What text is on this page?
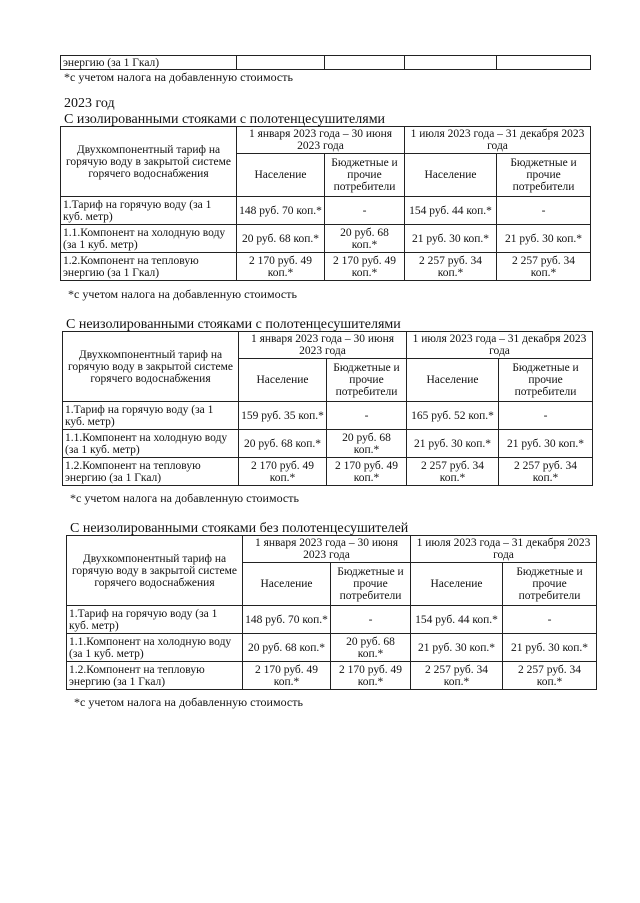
энергию (за 1 Гкал)				
*с учетом налога на добавленную стоимость
2023 год
С изолированными стояками с полотенцесушителями
Двухкомпонентный тариф на горячую воду в закрытой системе горячего водоснабжения	1 января 2023 года – 30 июня 2023 года		1 июля 2023 года – 31 декабря 2023 года	
	Население	Бюджетные и прочие потребители	Население	Бюджетные и прочие потребители
1.Тариф на горячую воду (за 1 куб. метр)	148 руб. 70 коп.*	-	154 руб. 44 коп.*	-
1.1.Компонент на холодную воду (за 1 куб. метр)	20 руб. 68 коп.*	20 руб. 68 коп.*	21 руб. 30 коп.*	21 руб. 30 коп.*
1.2.Компонент на тепловую энергию (за 1 Гкал)	2 170 руб. 49 коп.*	2 170 руб. 49 коп.*	2 257 руб. 34 коп.*	2 257 руб. 34 коп.*
*с учетом налога на добавленную стоимость
С неизолированными стояками с полотенцесушителями
Двухкомпонентный тариф на горячую воду в закрытой системе горячего водоснабжения	1 января 2023 года – 30 июня 2023 года		1 июля 2023 года – 31 декабря 2023 года	
	Население	Бюджетные и прочие потребители	Население	Бюджетные и прочие потребители
1.Тариф на горячую воду (за 1 куб. метр)	159 руб. 35 коп.*	-	165 руб. 52 коп.*	-
1.1.Компонент на холодную воду (за 1 куб. метр)	20 руб. 68 коп.*	20 руб. 68 коп.*	21 руб. 30 коп.*	21 руб. 30 коп.*
1.2.Компонент на тепловую энергию (за 1 Гкал)	2 170 руб. 49 коп.*	2 170 руб. 49 коп.*	2 257 руб. 34 коп.*	2 257 руб. 34 коп.*
*с учетом налога на добавленную стоимость
С неизолированными стояками без полотенцесушителей
Двухкомпонентный тариф на горячую воду в закрытой системе горячего водоснабжения	1 января 2023 года – 30 июня 2023 года		1 июля 2023 года – 31 декабря 2023 года	
	Население	Бюджетные и прочие потребители	Население	Бюджетные и прочие потребители
1.Тариф на горячую воду (за 1 куб. метр)	148 руб. 70 коп.*	-	154 руб. 44 коп.*	-
1.1.Компонент на холодную воду (за 1 куб. метр)	20 руб. 68 коп.*	20 руб. 68 коп.*	21 руб. 30 коп.*	21 руб. 30 коп.*
1.2.Компонент на тепловую энергию (за 1 Гкал)	2 170 руб. 49 коп.*	2 170 руб. 49 коп.*	2 257 руб. 34 коп.*	2 257 руб. 34 коп.*
*с учетом налога на добавленную стоимость
